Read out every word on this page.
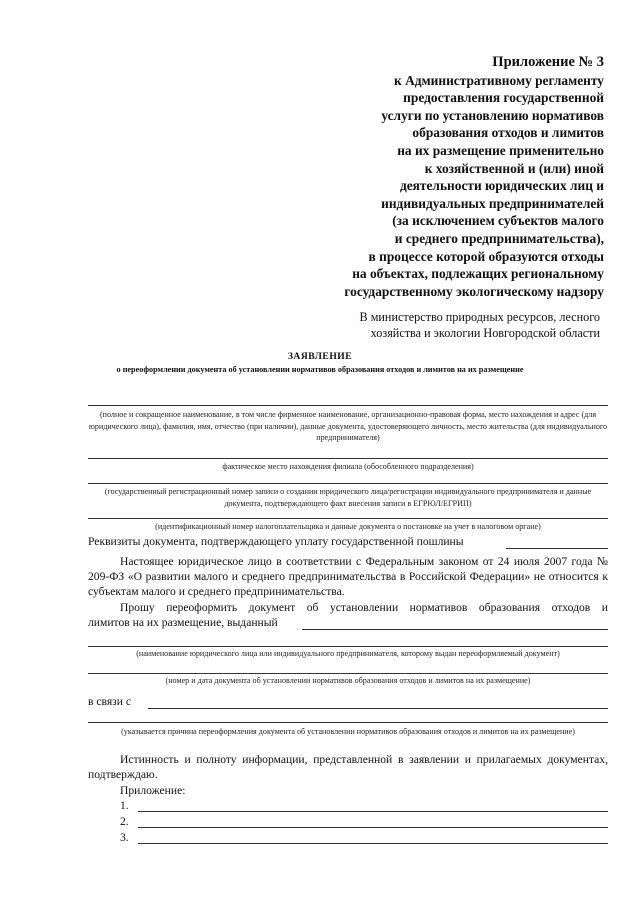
Приложение № 3
к Административному регламенту
предоставления государственной
услуги по установлению нормативов
образования отходов и лимитов
на их размещение применительно
к хозяйственной и (или) иной
деятельности юридических лиц и
индивидуальных предпринимателей
(за исключением субъектов малого
и среднего предпринимательства),
в процессе которой образуются отходы
на объектах, подлежащих региональному
государственному экологическому надзору
В министерство природных ресурсов, лесного
хозяйства и экологии Новгородской области
ЗАЯВЛЕНИЕ
о переоформлении документа об установлении нормативов образования отходов и лимитов на их размещение
(полное и сокращенное наименование, в том числе фирменное наименование, организационно-правовая форма, место нахождения и адрес (для юридического лица), фамилия, имя, отчество (при наличии), данные документа, удостоверяющего личность, место жительства (для индивидуального предпринимателя)
фактическое место нахождения филиала (обособленного подразделения)
(государственный регистрационный номер записи о создании юридического лица/регистрации индивидуального предпринимателя и данные документа, подтверждающего факт внесения записи в ЕГРЮЛ/ЕГРИП)
(идентификационный номер налогоплательщика и данные документа о постановке на учет в налоговом органе)
Реквизиты документа, подтверждающего уплату государственной пошлины
Настоящее юридическое лицо в соответствии с Федеральным законом от 24 июля 2007 года № 209-ФЗ «О развитии малого и среднего предпринимательства в Российской Федерации» не относится к субъектам малого и среднего предпринимательства.
Прошу переоформить документ об установлении нормативов образования отходов и
лимитов на их размещение, выданный
(наименование юридического лица или индивидуального предпринимателя, которому выдан переоформляемый документ)
(номер и дата документа об установлении нормативов образования отходов и лимитов на их размещение)
в связи с
(указывается причина переоформления документа об установлении нормативов образования отходов и лимитов на их размещение)
Истинность и полноту информации, представленной в заявлении и прилагаемых документах, подтверждаю.
Приложение:
1.
2.
3.
